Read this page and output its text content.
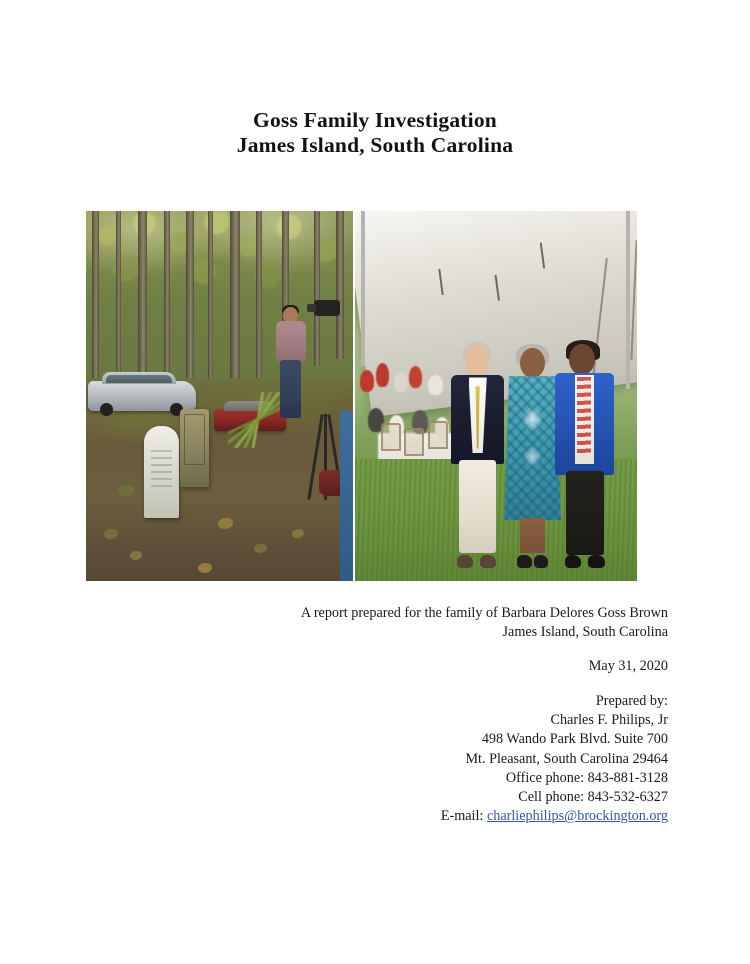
Goss Family Investigation
James Island, South Carolina
A report prepared for the family of Barbara Delores Goss Brown
James Island, South Carolina
May 31, 2020
Prepared by:
Charles F. Philips, Jr
498 Wando Park Blvd. Suite 700
Mt. Pleasant, South Carolina 29464
Office phone: 843-881-3128
Cell phone: 843-532-6327
E-mail: charliephilips@brockington.org
